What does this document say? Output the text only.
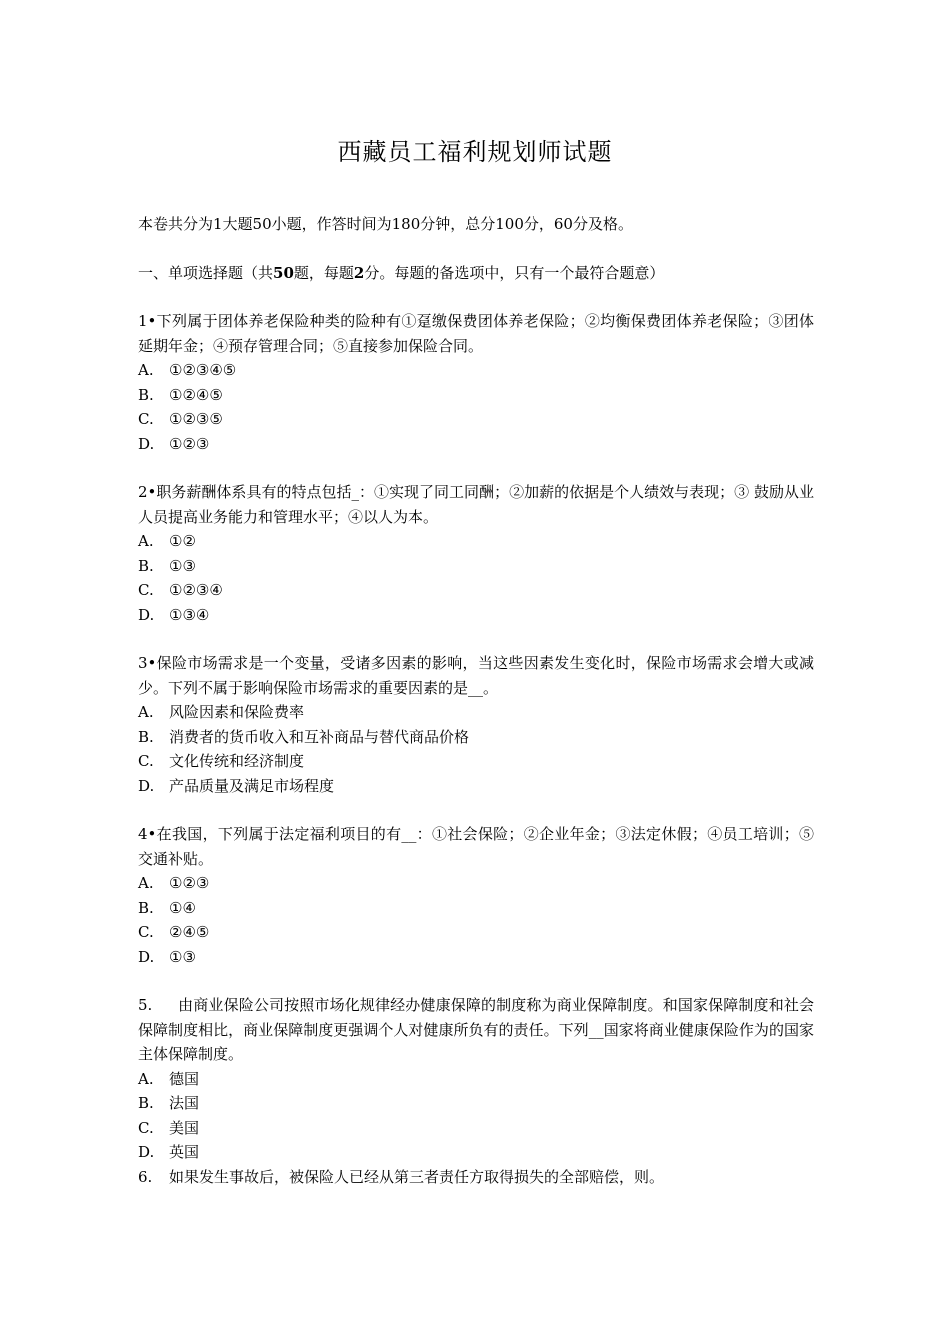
西藏员工福利规划师试题

本卷共分为1大题50小题，作答时间为180分钟，总分100分，60分及格。

一、单项选择题（共50题，每题2分。每题的备选项中，只有一个最符合题意）

1•下列属于团体养老保险种类的险种有①趸缴保费团体养老保险；②均衡保费团体养老保险；③团体延期年金；④预存管理合同；⑤直接参加保险合同。
A.	①②③④⑤
B.	①②④⑤
C.	①②③⑤
D. ①②③
2•职务薪酬体系具有的特点包括_：①实现了同工同酬；②加薪的依据是个人绩效与表现；③ 鼓励从业人员提高业务能力和管理水平；④以人为本。
A.	①②
B.	①③
C.	①②③④
D. ①③④
3•保险市场需求是一个变量，受诸多因素的影响，当这些因素发生变化时，保险市场需求会增大或减少。下列不属于影响保险市场需求的重要因素的是__。
A.	风险因素和保险费率
B.	消费者的货币收入和互补商品与替代商品价格
C.	文化传统和经济制度
D. 产品质量及满足市场程度
4•在我国，下列属于法定福利项目的有__：①社会保险；②企业年金；③法定休假；④员工培训；⑤交通补贴。
A.	①②③
B.	①④
C.	②④⑤
D. ①③
5. 由商业保险公司按照市场化规律经办健康保障的制度称为商业保障制度。和国家保障制度和社会保障制度相比，商业保障制度更强调个人对健康所负有的责任。下列__国家将商业健康保险作为的国家主体保障制度。
A.	德国
B.	法国
C.	美国
D. 英国
6.	如果发生事故后，被保险人已经从第三者责任方取得损失的全部赔偿，则。
